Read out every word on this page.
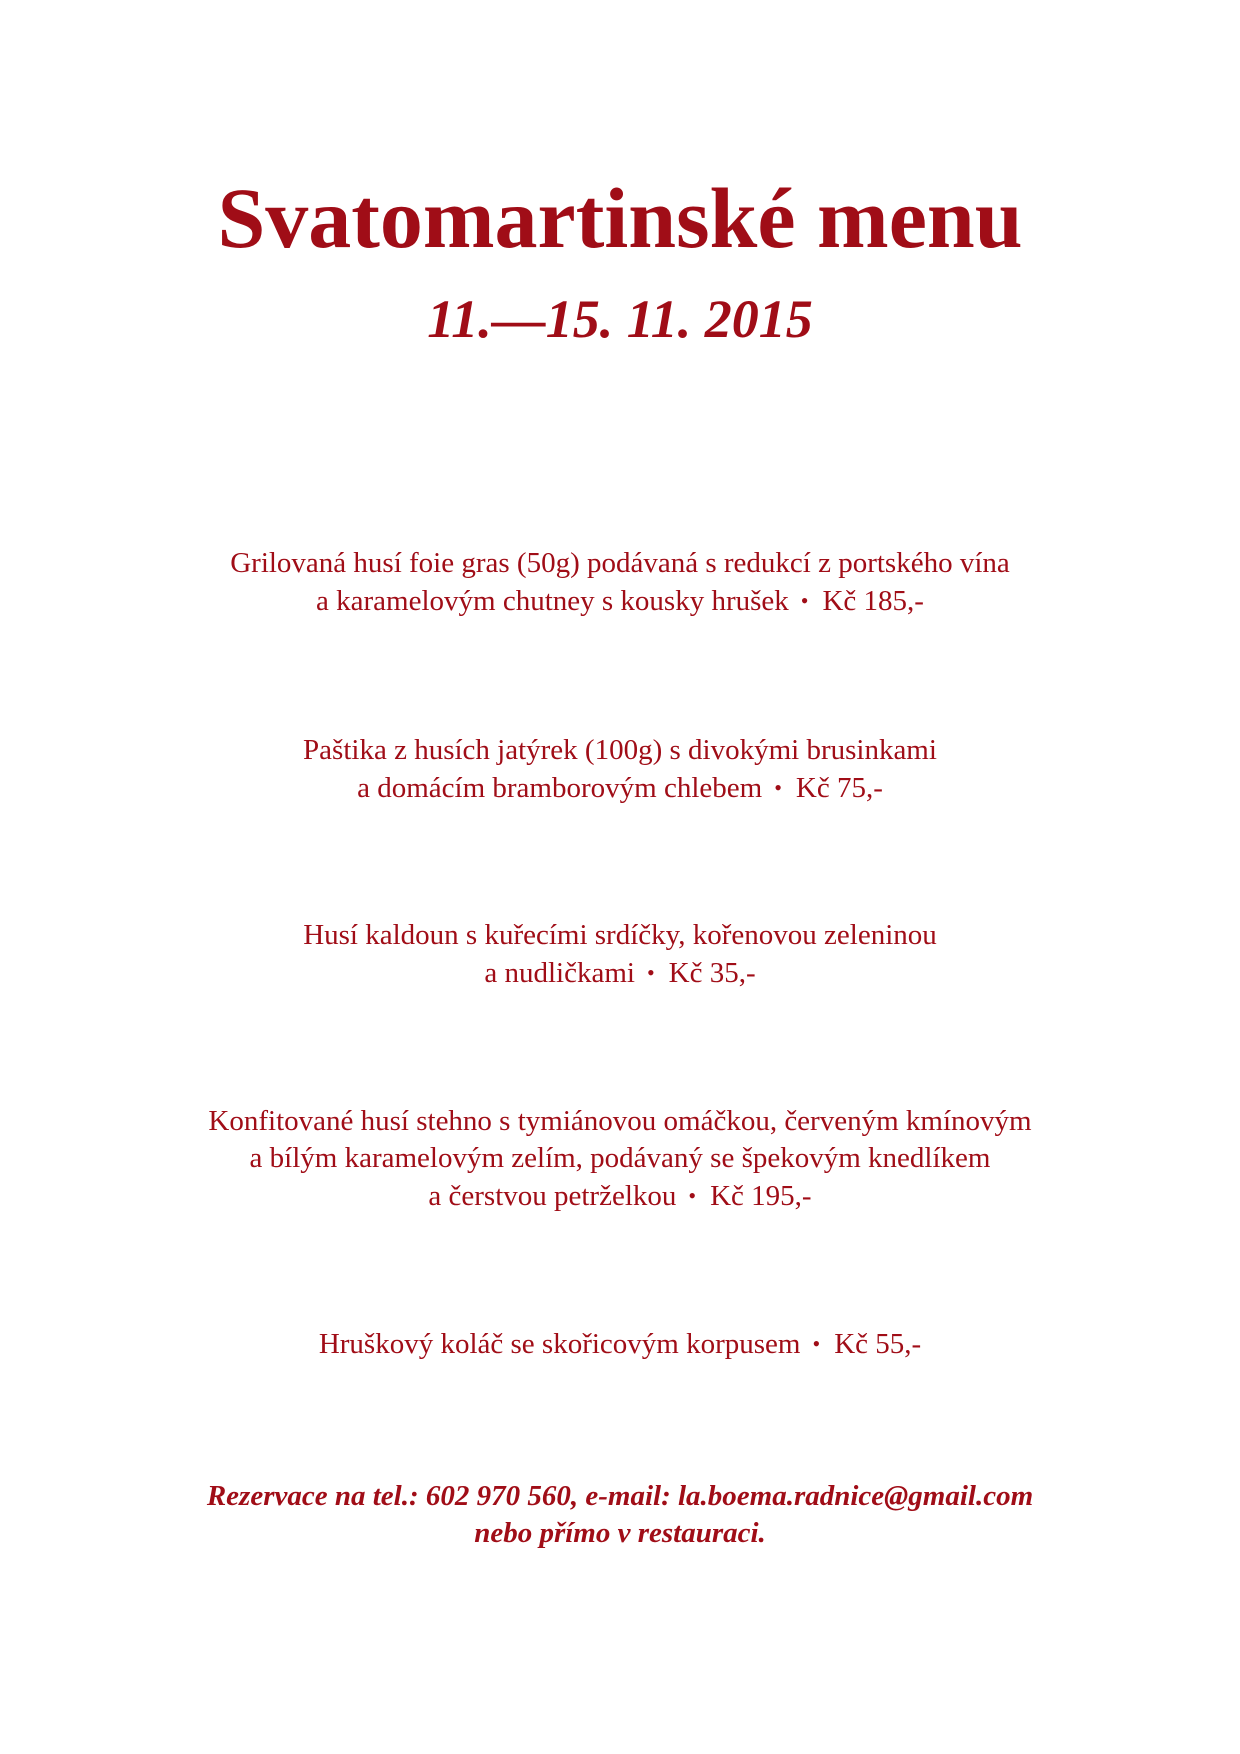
Svatomartinské menu
11.—15. 11. 2015

Grilovaná husí foie gras (50g) podávaná s redukcí z portského vína
a karamelovým chutney s kousky hrušek • Kč 185,-

Paštika z husích jatýrek (100g) s divokými brusinkami
a domácím bramborovým chlebem • Kč 75,-

Husí kaldoun s kuřecími srdíčky, kořenovou zeleninou
a nudličkami • Kč 35,-

Konfitované husí stehno s tymiánovou omáčkou, červeným kmínovým
a bílým karamelovým zelím, podávaný se špekovým knedlíkem
a čerstvou petrželkou • Kč 195,-

Hruškový koláč se skořicovým korpusem • Kč 55,-

Rezervace na tel.: 602 970 560, e-mail: la.boema.radnice@gmail.com
nebo přímo v restauraci.
